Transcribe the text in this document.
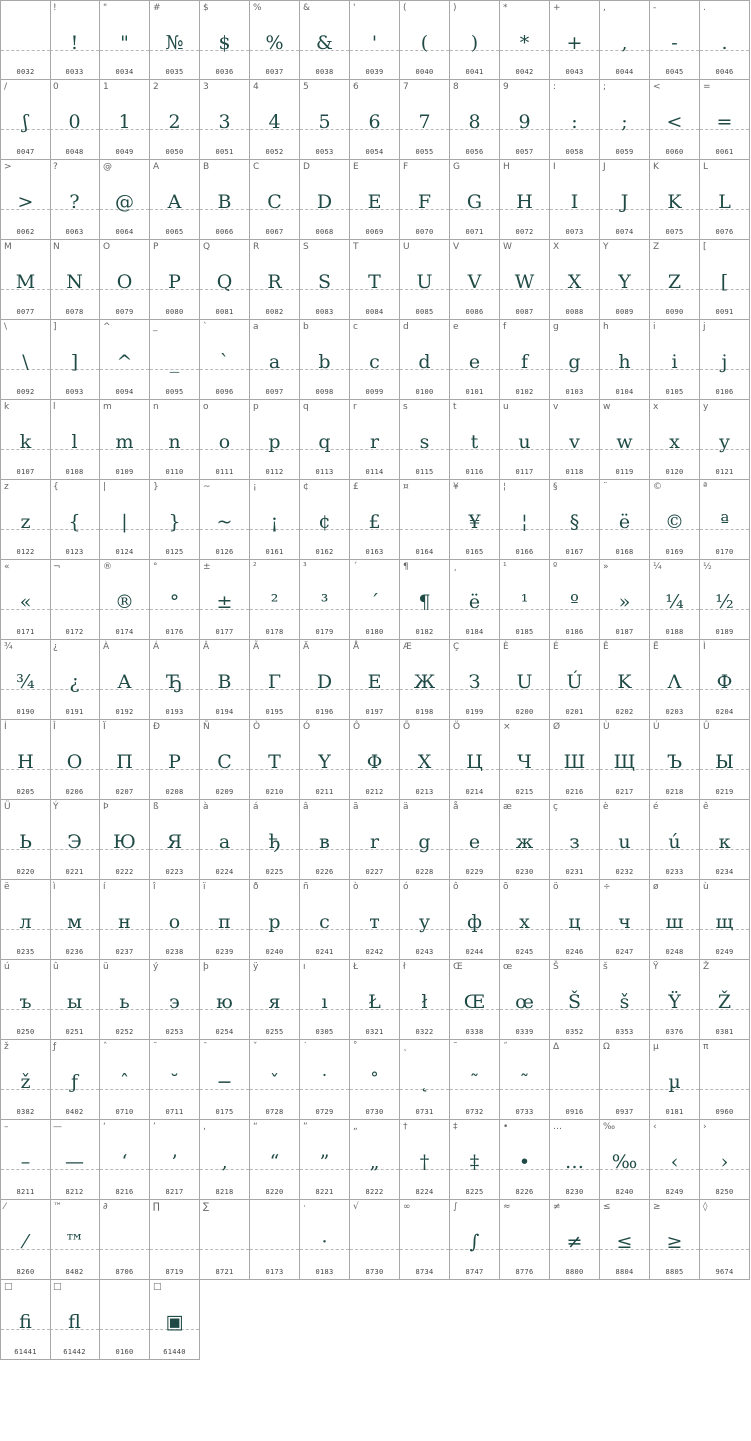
0032
!
!
0033
"
"
0034
#
№
0035
$
$
0036
%
%
0037
&
&
0038
'
'
0039
(
(
0040
)
)
0041
*
*
0042
+
+
0043
,
,
0044
-
-
0045
.
.
0046
/
ʃ
0047
0
0
0048
1
1
0049
2
2
0050
3
3
0051
4
4
0052
5
5
0053
6
6
0054
7
7
0055
8
8
0056
9
9
0057
:
:
0058
;
;
0059
<
<
0060
=
=
0061
>
>
0062
?
?
0063
@
@
0064
A
A
0065
B
B
0066
C
C
0067
D
D
0068
E
E
0069
F
F
0070
G
G
0071
H
H
0072
I
I
0073
J
J
0074
K
K
0075
L
L
0076
M
M
0077
N
N
0078
O
O
0079
P
P
0080
Q
Q
0081
R
R
0082
S
S
0083
T
T
0084
U
U
0085
V
V
0086
W
W
0087
X
X
0088
Y
Y
0089
Z
Z
0090
[
[
0091
\
\
0092
]
]
0093
^
^
0094
_
_
0095
`
`
0096
a
a
0097
b
b
0098
c
c
0099
d
d
0100
e
e
0101
f
f
0102
g
g
0103
h
h
0104
i
i
0105
j
j
0106
k
k
0107
l
l
0108
m
m
0109
n
n
0110
o
o
0111
p
p
0112
q
q
0113
r
r
0114
s
s
0115
t
t
0116
u
u
0117
v
v
0118
w
w
0119
x
x
0120
y
y
0121
z
z
0122
{
{
0123
|
|
0124
}
}
0125
~
~
0126
¡
¡
0161
¢
¢
0162
£
£
0163
¤
0164
¥
¥
0165
¦
¦
0166
§
§
0167
¨
ë
0168
©
©
0169
ª
ª
0170
«
«
0171
¬
0172
®
®
0174
°
°
0176
±
±
0177
²
²
0178
³
³
0179
´
´
0180
¶
¶
0182
¸
ë
0184
¹
¹
0185
º
º
0186
»
»
0187
¼
¼
0188
½
½
0189
¾
¾
0190
¿
¿
0191
À
A
0192
Á
Ђ
0193
Â
B
0194
Ã
Γ
0195
Ä
D
0196
Å
E
0197
Æ
Ж
0198
Ç
З
0199
È
U
0200
É
Ú
0201
Ê
K
0202
Ë
Λ
0203
Ì
Ф
0204
Í
H
0205
Î
O
0206
Ï
П
0207
Ð
P
0208
Ñ
C
0209
Ò
T
0210
Ó
Y
0211
Ô
Φ
0212
Õ
X
0213
Ö
Ц
0214
×
Ч
0215
Ø
Ш
0216
Ù
Щ
0217
Ú
Ъ
0218
Û
Ы
0219
Ü
Ь
0220
Ý
Э
0221
Þ
Ю
0222
ß
Я
0223
à
a
0224
á
ђ
0225
â
в
0226
ã
r
0227
ä
g
0228
å
e
0229
æ
ж
0230
ç
з
0231
è
u
0232
é
ú
0233
ê
к
0234
ë
л
0235
ì
м
0236
í
н
0237
î
o
0238
ï
п
0239
ð
p
0240
ñ
c
0241
ò
т
0242
ó
у
0243
ô
ф
0244
õ
х
0245
ö
ц
0246
÷
ч
0247
ø
ш
0248
ù
щ
0249
ú
ъ
0250
û
ы
0251
ü
ь
0252
ý
э
0253
þ
ю
0254
ÿ
я
0255
ı
ı
0305
Ł
Ł
0321
ł
ł
0322
Œ
Œ
0338
œ
œ
0339
Š
Š
0352
š
š
0353
Ÿ
Ÿ
0376
Ž
Ž
0381
ž
ž
0382
ƒ
ƒ
0402
ˆ
ˆ
0710
˘
˘
0711
¯
−
0175
ˇ
ˇ
0728
˙
˙
0729
˚
˚
0730
˛
˛
0731
˜
˜
0732
˝
˜
0733
Δ
0916
Ω
0937
µ
µ
0181
π
0960
–
–
8211
—
—
8212
‘
‘
8216
’
’
8217
‚
‚
8218
“
“
8220
”
”
8221
„
„
8222
†
†
8224
‡
‡
8225
•
•
8226
…
…
8230
‰
‰
8240
‹
‹
8249
›
›
8250
⁄
⁄
8260
™
™
8482
∂
8706
∏
8719
∑
8721	0173
·
·
0183
√
8730
∞
8734
∫
∫
8747
≈
8776
≠
≠
8800
≤
≤
8804
≥
≥
8805
◊
9674
□
ﬁ
61441
□
ﬂ
61442	0160
□
▣
61440
